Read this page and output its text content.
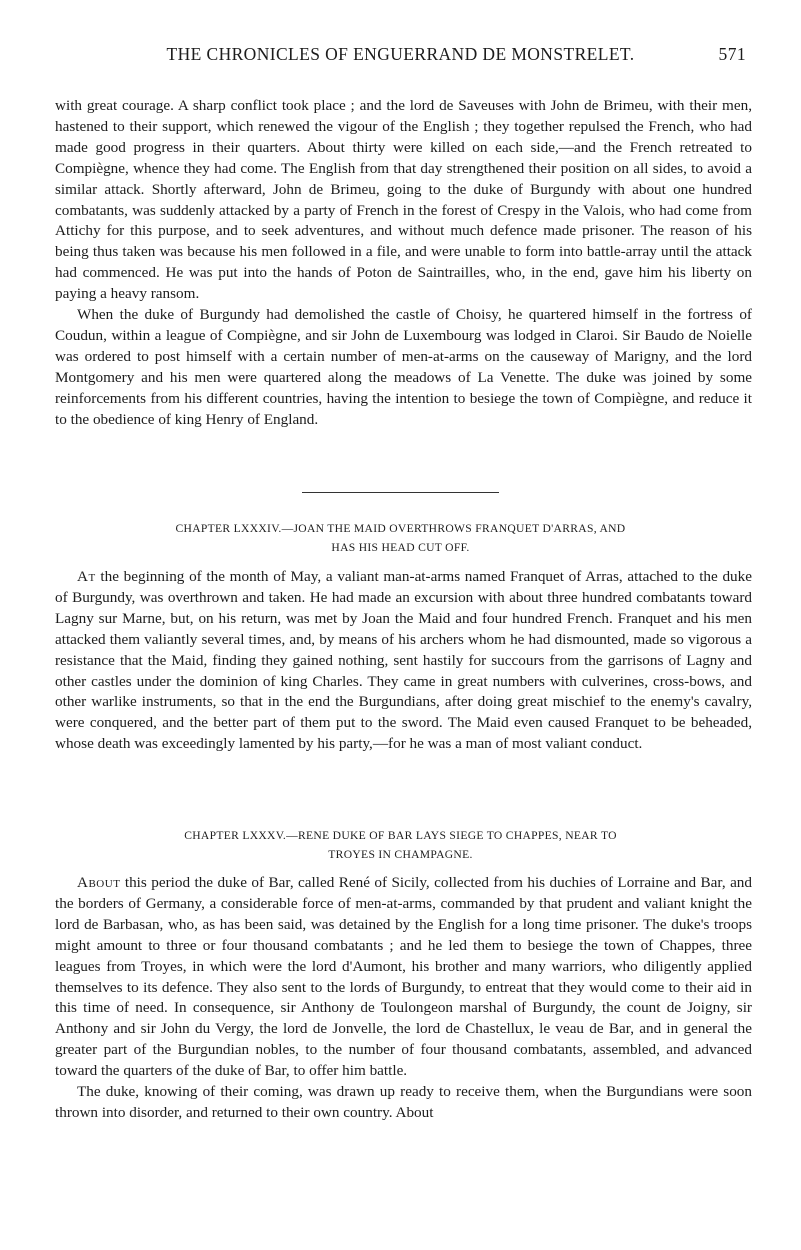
THE CHRONICLES OF ENGUERRAND DE MONSTRELET.	571

with great courage. A sharp conflict took place ; and the lord de Saveuses with John de Brimeu, with their men, hastened to their support, which renewed the vigour of the English ; they together repulsed the French, who had made good progress in their quarters. About thirty were killed on each side,—and the French retreated to Compiègne, whence they had come. The English from that day strengthened their position on all sides, to avoid a similar attack. Shortly afterward, John de Brimeu, going to the duke of Burgundy with about one hundred combatants, was suddenly attacked by a party of French in the forest of Crespy in the Valois, who had come from Attichy for this purpose, and to seek adventures, and without much defence made prisoner. The reason of his being thus taken was because his men followed in a file, and were unable to form into battle-array until the attack had commenced. He was put into the hands of Poton de Saintrailles, who, in the end, gave him his liberty on paying a heavy ransom.

When the duke of Burgundy had demolished the castle of Choisy, he quartered himself in the fortress of Coudun, within a league of Compiègne, and sir John de Luxembourg was lodged in Claroi. Sir Baudo de Noielle was ordered to post himself with a certain number of men-at-arms on the causeway of Marigny, and the lord Montgomery and his men were quartered along the meadows of La Venette. The duke was joined by some reinforcements from his different countries, having the intention to besiege the town of Compiègne, and reduce it to the obedience of king Henry of England.

CHAPTER LXXXIV.—JOAN THE MAID OVERTHROWS FRANQUET D'ARRAS, AND
HAS HIS HEAD CUT OFF.

At the beginning of the month of May, a valiant man-at-arms named Franquet of Arras, attached to the duke of Burgundy, was overthrown and taken. He had made an excursion with about three hundred combatants toward Lagny sur Marne, but, on his return, was met by Joan the Maid and four hundred French. Franquet and his men attacked them valiantly several times, and, by means of his archers whom he had dismounted, made so vigorous a resistance that the Maid, finding they gained nothing, sent hastily for succours from the garrisons of Lagny and other castles under the dominion of king Charles. They came in great numbers with culverines, cross-bows, and other warlike instruments, so that in the end the Burgundians, after doing great mischief to the enemy's cavalry, were conquered, and the better part of them put to the sword. The Maid even caused Franquet to be beheaded, whose death was exceedingly lamented by his party,—for he was a man of most valiant conduct.

CHAPTER LXXXV.—RENE DUKE OF BAR LAYS SIEGE TO CHAPPES, NEAR TO
TROYES IN CHAMPAGNE.

About this period the duke of Bar, called René of Sicily, collected from his duchies of Lorraine and Bar, and the borders of Germany, a considerable force of men-at-arms, commanded by that prudent and valiant knight the lord de Barbasan, who, as has been said, was detained by the English for a long time prisoner. The duke's troops might amount to three or four thousand combatants ; and he led them to besiege the town of Chappes, three leagues from Troyes, in which were the lord d'Aumont, his brother and many warriors, who diligently applied themselves to its defence. They also sent to the lords of Burgundy, to entreat that they would come to their aid in this time of need. In consequence, sir Anthony de Toulongeon marshal of Burgundy, the count de Joigny, sir Anthony and sir John du Vergy, the lord de Jonvelle, the lord de Chastellux, le veau de Bar, and in general the greater part of the Burgundian nobles, to the number of four thousand combatants, assembled, and advanced toward the quarters of the duke of Bar, to offer him battle.

The duke, knowing of their coming, was drawn up ready to receive them, when the Burgundians were soon thrown into disorder, and returned to their own country. About
